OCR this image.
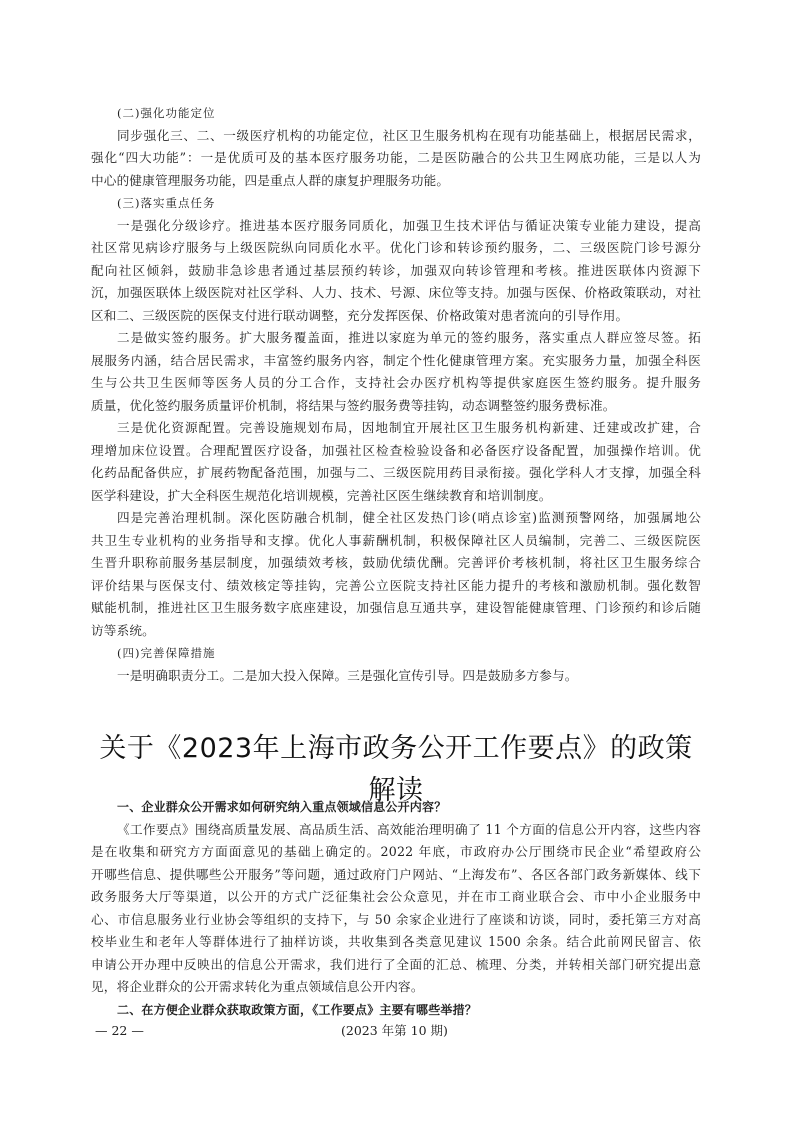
(二)强化功能定位
同步强化三、二、一级医疗机构的功能定位，社区卫生服务机构在现有功能基础上，根据居民需求，
强化“四大功能”：一是优质可及的基本医疗服务功能，二是医防融合的公共卫生网底功能，三是以人为
中心的健康管理服务功能，四是重点人群的康复护理服务功能。
(三)落实重点任务
一是强化分级诊疗。推进基本医疗服务同质化，加强卫生技术评估与循证决策专业能力建设，提高
社区常见病诊疗服务与上级医院纵向同质化水平。优化门诊和转诊预约服务，二、三级医院门诊号源分
配向社区倾斜，鼓励非急诊患者通过基层预约转诊，加强双向转诊管理和考核。推进医联体内资源下
沉，加强医联体上级医院对社区学科、人力、技术、号源、床位等支持。加强与医保、价格政策联动，对社
区和二、三级医院的医保支付进行联动调整，充分发挥医保、价格政策对患者流向的引导作用。
二是做实签约服务。扩大服务覆盖面，推进以家庭为单元的签约服务，落实重点人群应签尽签。拓
展服务内涵，结合居民需求，丰富签约服务内容，制定个性化健康管理方案。充实服务力量，加强全科医
生与公共卫生医师等医务人员的分工合作，支持社会办医疗机构等提供家庭医生签约服务。提升服务
质量，优化签约服务质量评价机制，将结果与签约服务费等挂钩，动态调整签约服务费标准。
三是优化资源配置。完善设施规划布局，因地制宜开展社区卫生服务机构新建、迁建或改扩建，合
理增加床位设置。合理配置医疗设备，加强社区检查检验设备和必备医疗设备配置，加强操作培训。优
化药品配备供应，扩展药物配备范围，加强与二、三级医院用药目录衔接。强化学科人才支撑，加强全科
医学科建设，扩大全科医生规范化培训规模，完善社区医生继续教育和培训制度。
四是完善治理机制。深化医防融合机制，健全社区发热门诊(哨点诊室)监测预警网络，加强属地公
共卫生专业机构的业务指导和支撑。优化人事薪酬机制，积极保障社区人员编制，完善二、三级医院医
生晋升职称前服务基层制度，加强绩效考核，鼓励优绩优酬。完善评价考核机制，将社区卫生服务综合
评价结果与医保支付、绩效核定等挂钩，完善公立医院支持社区能力提升的考核和激励机制。强化数智
赋能机制，推进社区卫生服务数字底座建设，加强信息互通共享，建设智能健康管理、门诊预约和诊后随
访等系统。
(四)完善保障措施
一是明确职责分工。二是加大投入保障。三是强化宣传引导。四是鼓励多方参与。
关于《2023年上海市政务公开工作要点》的政策解读
一、企业群众公开需求如何研究纳入重点领域信息公开内容？
《工作要点》围绕高质量发展、高品质生活、高效能治理明确了 11 个方面的信息公开内容，这些内容
是在收集和研究方方面面意见的基础上确定的。2022 年底，市政府办公厅围绕市民企业“希望政府公
开哪些信息、提供哪些公开服务”等问题，通过政府门户网站、“上海发布”、各区各部门政务新媒体、线下
政务服务大厅等渠道，以公开的方式广泛征集社会公众意见，并在市工商业联合会、市中小企业服务中
心、市信息服务业行业协会等组织的支持下，与 50 余家企业进行了座谈和访谈，同时，委托第三方对高
校毕业生和老年人等群体进行了抽样访谈，共收集到各类意见建议 1500 余条。结合此前网民留言、依
申请公开办理中反映出的信息公开需求，我们进行了全面的汇总、梳理、分类，并转相关部门研究提出意
见，将企业群众的公开需求转化为重点领域信息公开内容。
二、在方便企业群众获取政策方面，《工作要点》主要有哪些举措？
— 22 —	(2023 年第 10 期)
